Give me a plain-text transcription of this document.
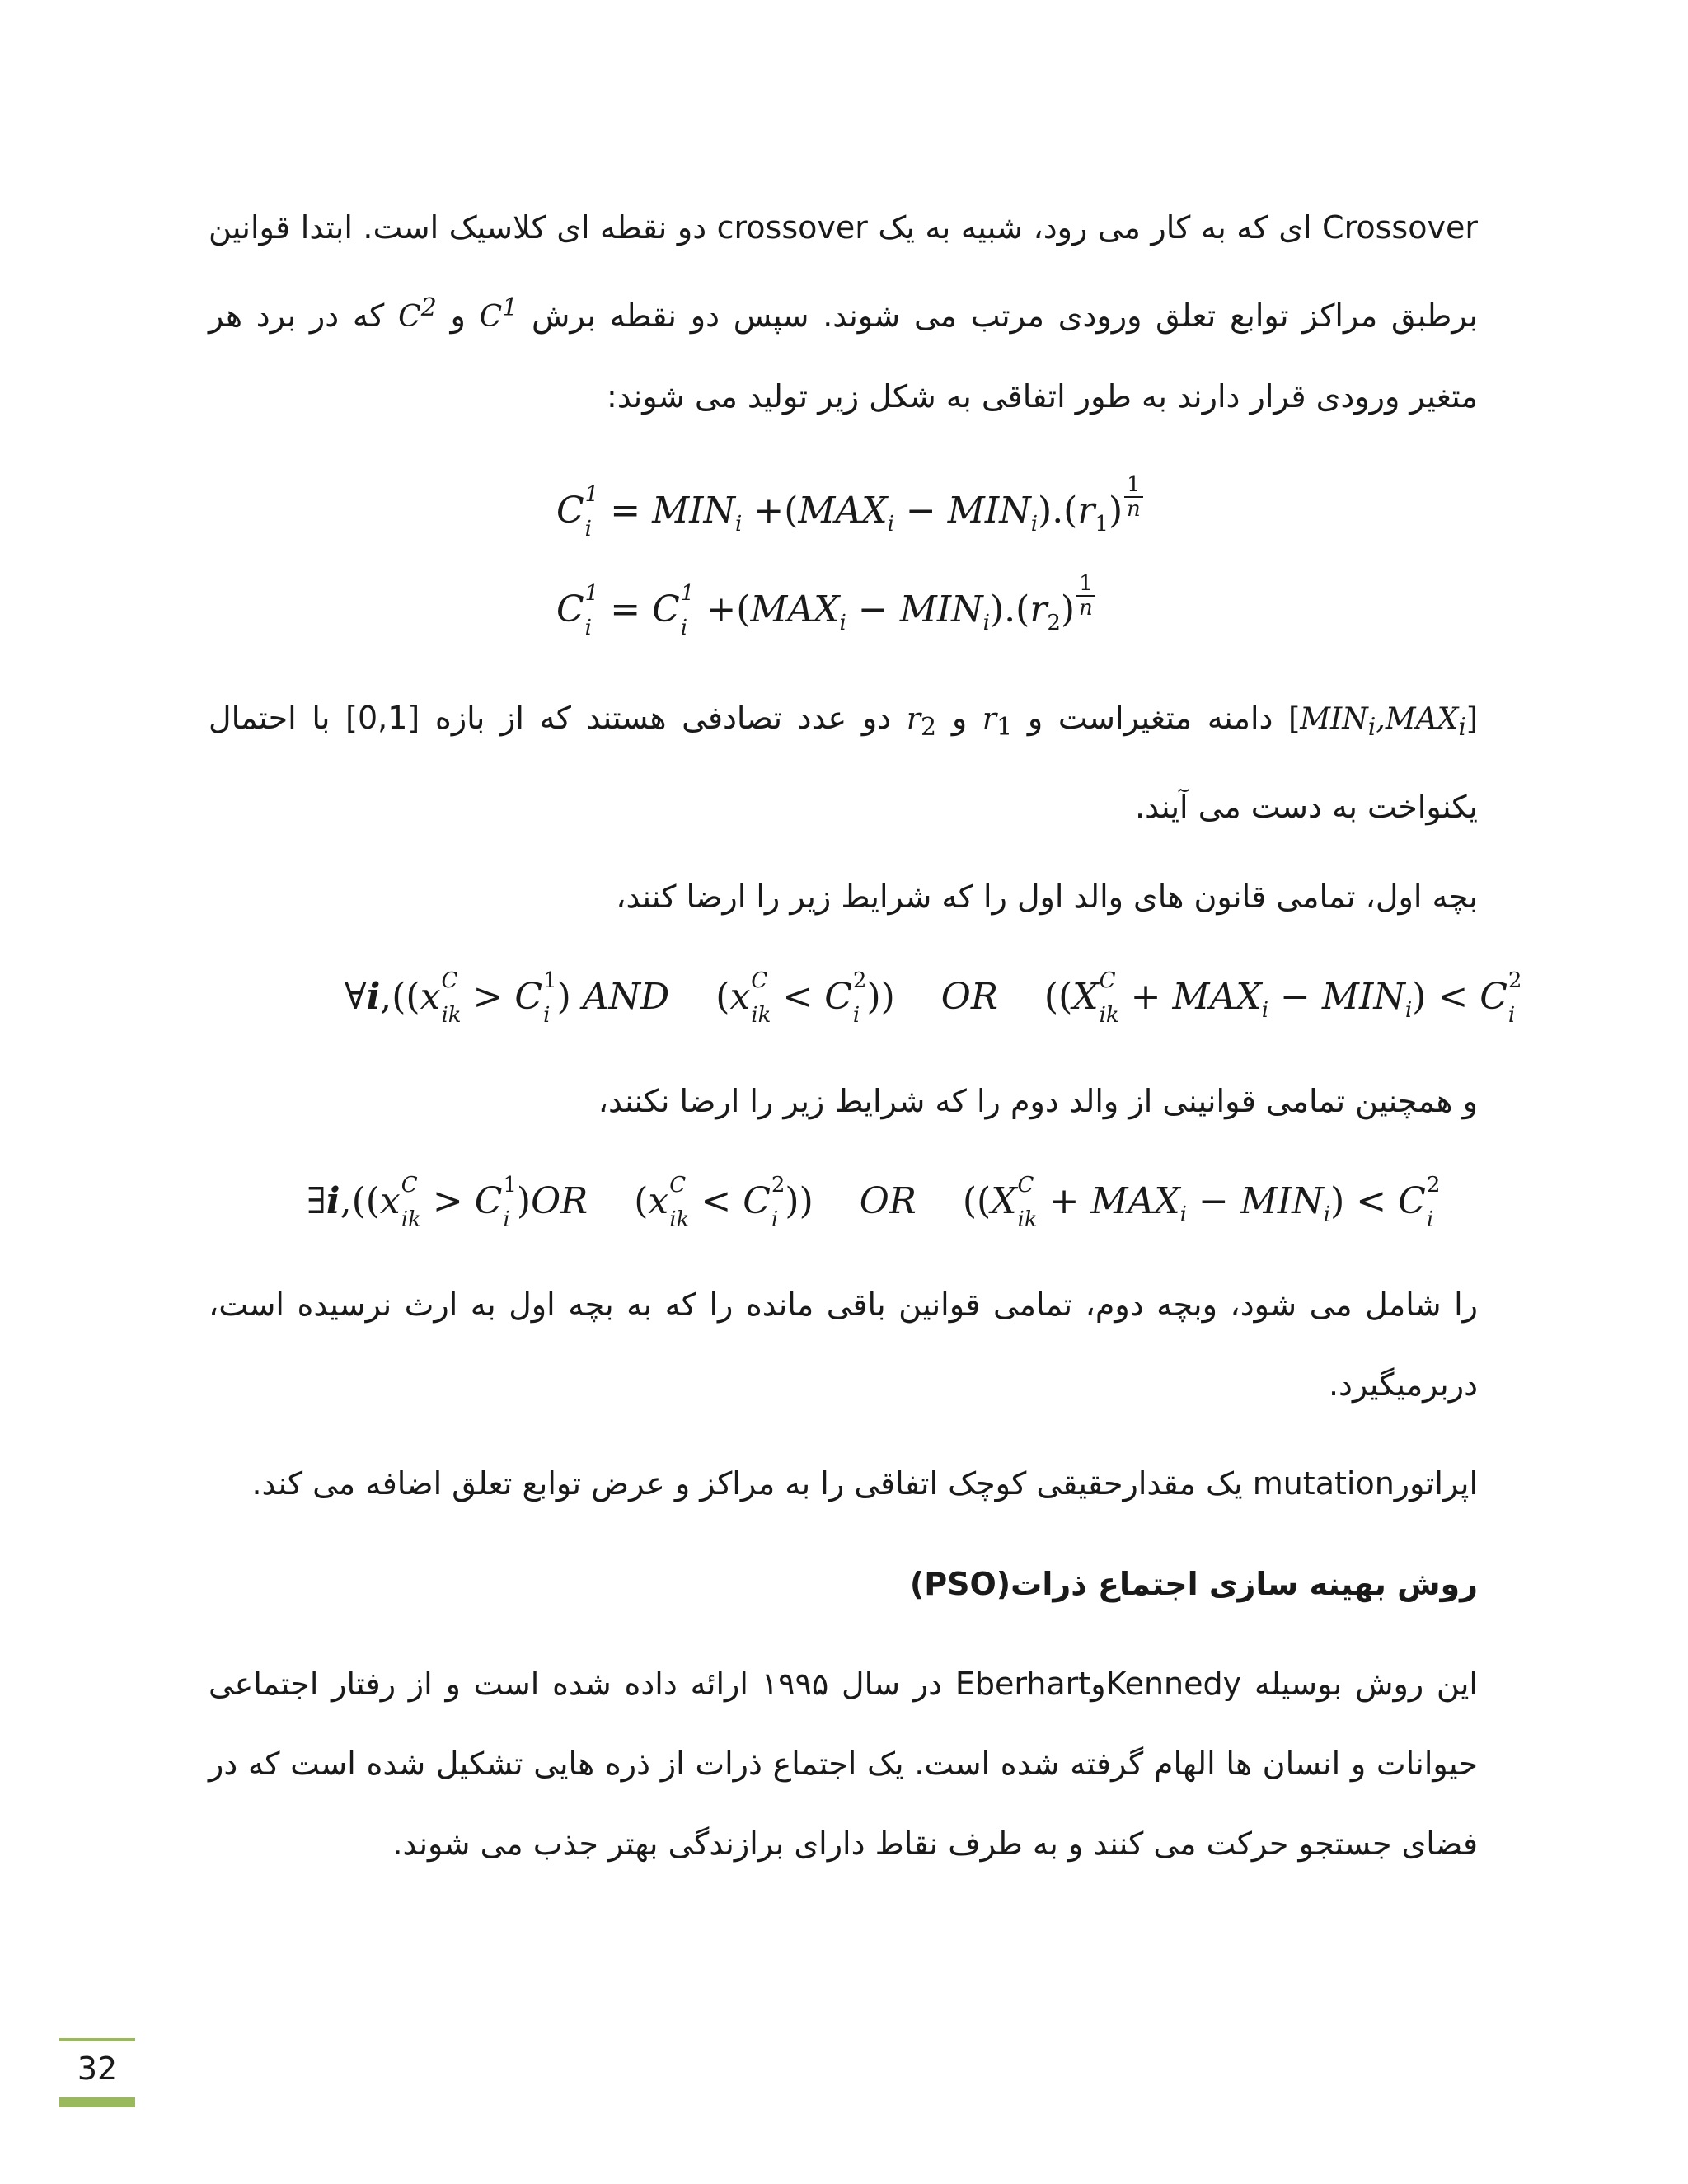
Crossover ای که به کار می رود، شبیه به یک crossover دو نقطه ای کلاسیک است. ابتدا قوانین برطبق مراکز توابع تعلق ورودی مرتب می شوند. سپس دو نقطه برش $C^1$ و $C^2$ که در برد هر متغیر ورودی قرار دارند به طور اتفاقی به شکل زیر تولید می شوند:

C 1
$i = MIN_i +(MAX_i - MIN_i).(r_1) \frac{1}{n}$
C 1
i = C 1
$i +(MAX_i - MIN_i).(r_2) \frac{1}{n}$

$[MIN_i,MAX_i]$ دامنه متغیراست و $r_1$ و $r_2$ دو عدد تصادفی هستند که از بازه [0,1] با احتمال یکنواخت به دست می آیند.

بچه اول، تمامی قانون های والد اول را که شرایط زیر را ارضا کنند،

∀i,((x C
ik > C 1
i ) AND (x C
ik < C 2
i )) OR ((X C
ik + $MAX_i - MIN_i) < C$ 2
i

و همچنین تمامی قوانینی از والد دوم را که شرایط زیر را ارضا نکنند،

∃i,((x C
ik > C 1
i )OR (x C
ik < C 2
i )) OR ((X C
ik + $MAX_i - MIN_i) < C$ 2
i

را شامل می شود، وبچه دوم، تمامی قوانین باقی مانده را که به بچه اول به ارث نرسیده است، دربرمیگیرد.

اپراتورmutation یک مقدارحقیقی کوچک اتفاقی را به مراکز و عرض توابع تعلق اضافه می کند.

روش بهینه سازی اجتماع ذرات(PSO)

این روش بوسیله KennedyوEberhart در سال ۱۹۹۵ ارائه داده شده است و از رفتار اجتماعی حیوانات و انسان ها الهام گرفته شده است. یک اجتماع ذرات از ذره هایی تشکیل شده است که در فضای جستجو حرکت می کنند و به طرف نقاط دارای برازندگی بهتر جذب می شوند.

32
